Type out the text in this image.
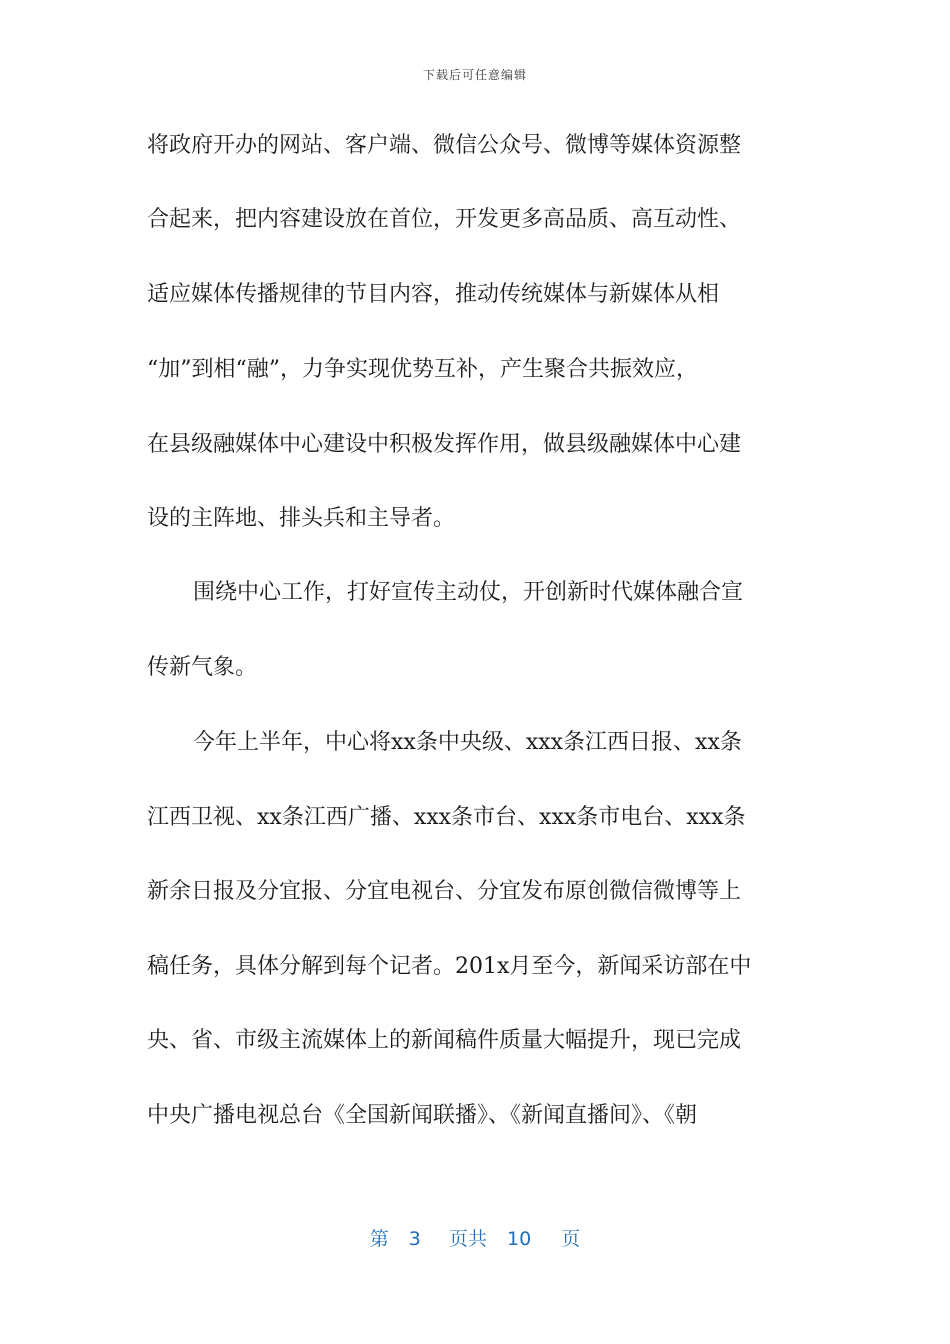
下载后可任意编辑
将政府开办的网站、客户端、微信公众号、微博等媒体资源整
合起来，把内容建设放在首位，开发更多高品质、高互动性、
适应媒体传播规律的节目内容，推动传统媒体与新媒体从相
“加”到相“融”，力争实现优势互补，产生聚合共振效应，
在县级融媒体中心建设中积极发挥作用，做县级融媒体中心建
设的主阵地、排头兵和主导者。
围绕中心工作，打好宣传主动仗，开创新时代媒体融合宣
传新气象。
今年上半年，中心将xx条中央级、xxx条江西日报、xx条
江西卫视、xx条江西广播、xxx条市台、xxx条市电台、xxx条
新余日报及分宜报、分宜电视台、分宜发布原创微信微博等上
稿任务，具体分解到每个记者。201x月至今，新闻采访部在中
央、省、市级主流媒体上的新闻稿件质量大幅提升，现已完成
中央广播电视总台《全国新闻联播》、《新闻直播间》、《朝
第 3 页共 10 页
